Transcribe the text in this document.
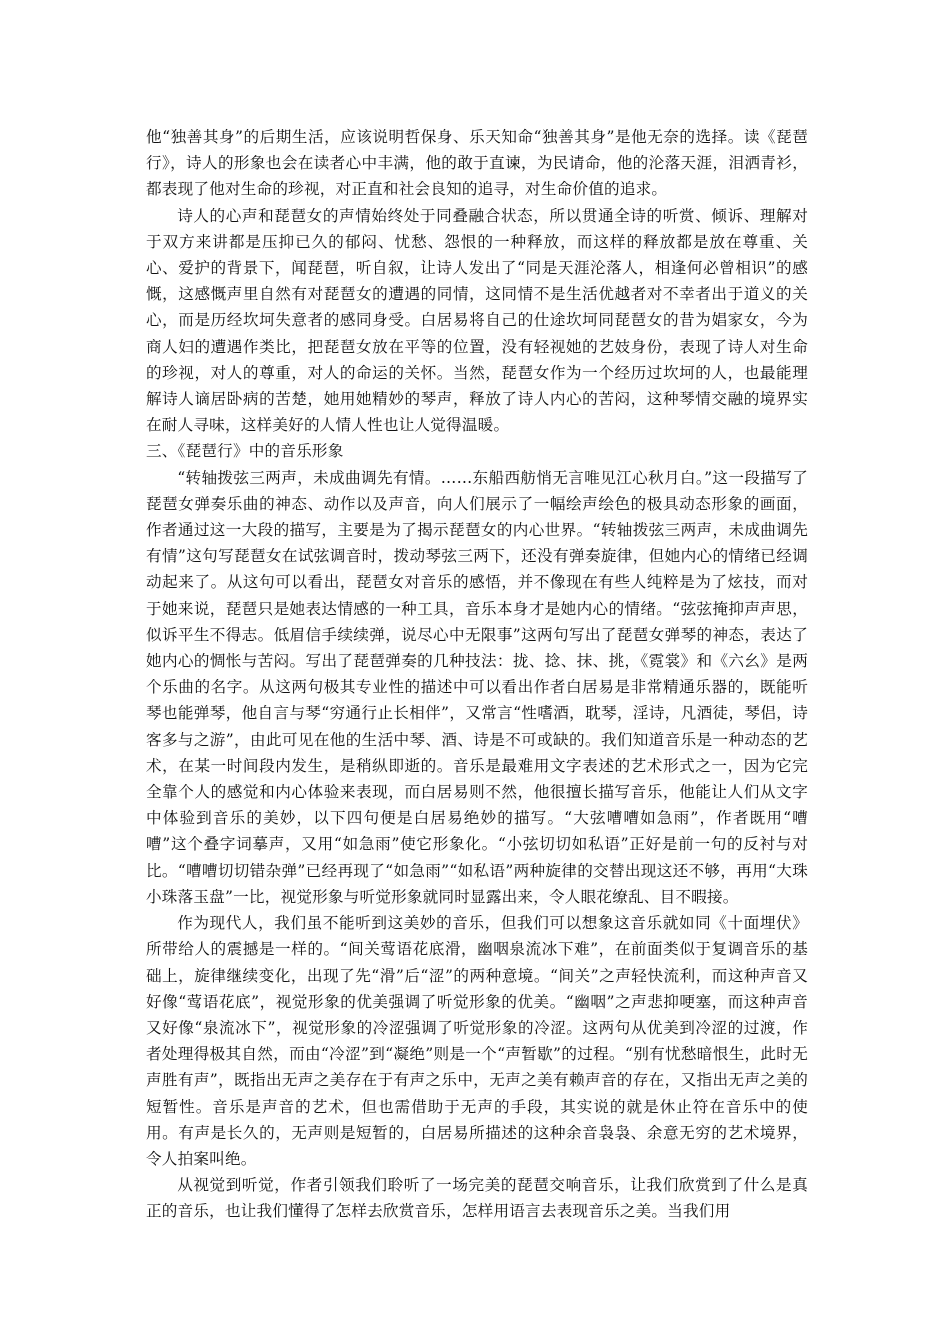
他“独善其身”的后期生活，应该说明哲保身、乐天知命“独善其身”是他无奈的选择。读《琵琶行》，诗人的形象也会在读者心中丰满，他的敢于直谏，为民请命，他的沦落天涯，泪洒青衫，都表现了他对生命的珍视，对正直和社会良知的追寻，对生命价值的追求。

诗人的心声和琵琶女的声情始终处于同叠融合状态，所以贯通全诗的听赏、倾诉、理解对于双方来讲都是压抑已久的郁闷、忧愁、怨恨的一种释放，而这样的释放都是放在尊重、关心、爱护的背景下，闻琵琶，听自叙，让诗人发出了“同是天涯沦落人，相逢何必曾相识”的感慨，这感慨声里自然有对琵琶女的遭遇的同情，这同情不是生活优越者对不幸者出于道义的关心，而是历经坎坷失意者的感同身受。白居易将自己的仕途坎坷同琵琶女的昔为娼家女，今为商人妇的遭遇作类比，把琵琶女放在平等的位置，没有轻视她的艺妓身份，表现了诗人对生命的珍视，对人的尊重，对人的命运的关怀。当然，琵琶女作为一个经历过坎坷的人，也最能理解诗人谪居卧病的苦楚，她用她精妙的琴声，释放了诗人内心的苦闷，这种琴情交融的境界实在耐人寻味，这样美好的人情人性也让人觉得温暖。

三、《琵琶行》中的音乐形象

“转轴拨弦三两声，未成曲调先有情。……东船西舫悄无言唯见江心秋月白。”这一段描写了琵琶女弹奏乐曲的神态、动作以及声音，向人们展示了一幅绘声绘色的极具动态形象的画面，作者通过这一大段的描写，主要是为了揭示琵琶女的内心世界。“转轴拨弦三两声，未成曲调先有情”这句写琵琶女在试弦调音时，拨动琴弦三两下，还没有弹奏旋律，但她内心的情绪已经调动起来了。从这句可以看出，琵琶女对音乐的感悟，并不像现在有些人纯粹是为了炫技，而对于她来说，琵琶只是她表达情感的一种工具，音乐本身才是她内心的情绪。“弦弦掩抑声声思，似诉平生不得志。低眉信手续续弹，说尽心中无限事”这两句写出了琵琶女弹琴的神态，表达了她内心的惆怅与苦闷。写出了琵琶弹奏的几种技法：拢、捻、抹、挑，《霓裳》和《六幺》是两个乐曲的名字。从这两句极其专业性的描述中可以看出作者白居易是非常精通乐器的，既能听琴也能弹琴，他自言与琴“穷通行止长相伴”，又常言“性嗜酒，耽琴，淫诗，凡酒徒，琴侣，诗客多与之游”，由此可见在他的生活中琴、酒、诗是不可或缺的。我们知道音乐是一种动态的艺术，在某一时间段内发生，是稍纵即逝的。音乐是最难用文字表述的艺术形式之一，因为它完全靠个人的感觉和内心体验来表现，而白居易则不然，他很擅长描写音乐，他能让人们从文字中体验到音乐的美妙，以下四句便是白居易绝妙的描写。“大弦嘈嘈如急雨”，作者既用“嘈嘈”这个叠字词摹声，又用“如急雨”使它形象化。“小弦切切如私语”正好是前一句的反衬与对比。“嘈嘈切切错杂弹”已经再现了“如急雨”“如私语”两种旋律的交替出现这还不够，再用“大珠小珠落玉盘”一比，视觉形象与听觉形象就同时显露出来，令人眼花缭乱、目不暇接。

作为现代人，我们虽不能听到这美妙的音乐，但我们可以想象这音乐就如同《十面埋伏》所带给人的震撼是一样的。“间关莺语花底滑，幽咽泉流冰下难”，在前面类似于复调音乐的基础上，旋律继续变化，出现了先“滑”后“涩”的两种意境。“间关”之声轻快流利，而这种声音又好像“莺语花底”，视觉形象的优美强调了听觉形象的优美。“幽咽”之声悲抑哽塞，而这种声音又好像“泉流冰下”，视觉形象的冷涩强调了听觉形象的冷涩。这两句从优美到冷涩的过渡，作者处理得极其自然，而由“冷涩”到“凝绝”则是一个“声暂歇”的过程。“别有忧愁暗恨生，此时无声胜有声”，既指出无声之美存在于有声之乐中，无声之美有赖声音的存在，又指出无声之美的短暂性。音乐是声音的艺术，但也需借助于无声的手段，其实说的就是休止符在音乐中的使用。有声是长久的，无声则是短暂的，白居易所描述的这种余音袅袅、余意无穷的艺术境界，令人拍案叫绝。

从视觉到听觉，作者引领我们聆听了一场完美的琵琶交响音乐，让我们欣赏到了什么是真正的音乐，也让我们懂得了怎样去欣赏音乐，怎样用语言去表现音乐之美。当我们用
